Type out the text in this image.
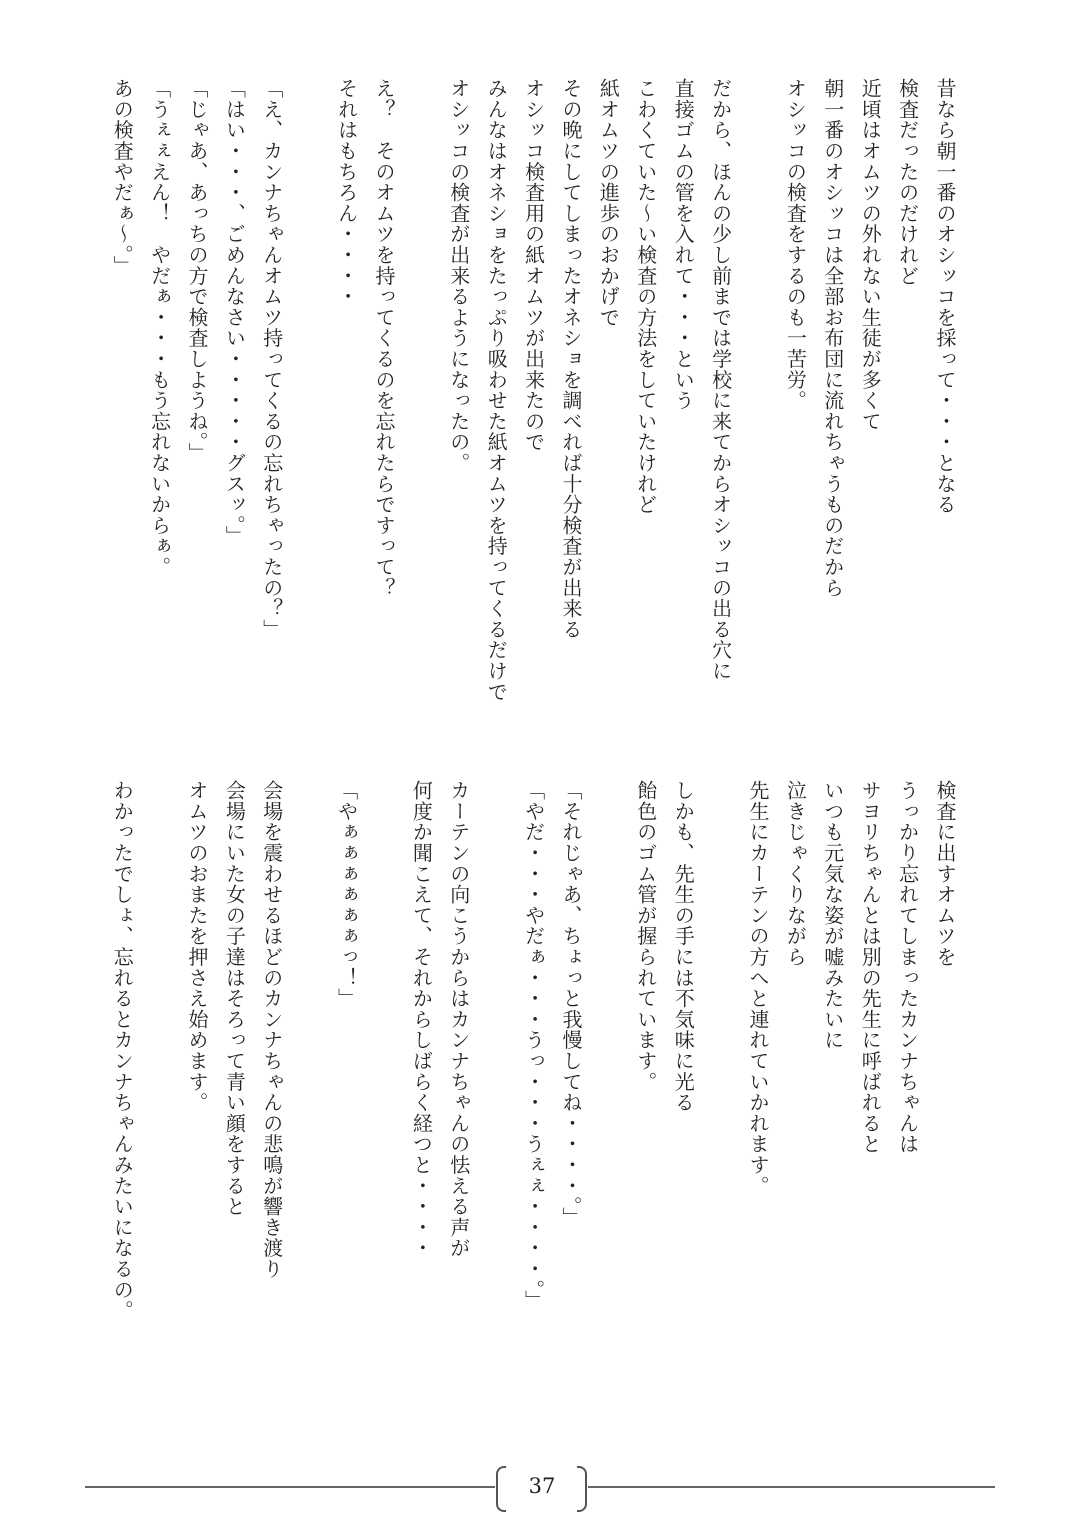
昔なら朝一番のオシッコを採って・・・となる
検査だったのだけれど
近頃はオムツの外れない生徒が多くて
朝一番のオシッコは全部お布団に流れちゃうものだから
オシッコの検査をするのも一苦労。
だから、ほんの少し前までは学校に来てからオシッコの出る穴に
直接ゴムの管を入れて・・・という
こわくていた〜い検査の方法をしていたけれど
紙オムツの進歩のおかげで
その晩にしてしまったオネショを調べれば十分検査が出来る
オシッコ検査用の紙オムツが出来たので
みんなはオネショをたっぷり吸わせた紙オムツを持ってくるだけで
オシッコの検査が出来るようになったの。
え？　そのオムツを持ってくるのを忘れたらですって？
それはもちろん・・・・
「え、カンナちゃんオムツ持ってくるの忘れちゃったの？」
「はい・・・、ごめんなさい・・・・・グスッ。」
「じゃあ、あっちの方で検査しようね。」
「うぇぇえん！　やだぁ・・・もう忘れないからぁ。
あの検査やだぁ〜。」
検査に出すオムツを
うっかり忘れてしまったカンナちゃんは
サヨリちゃんとは別の先生に呼ばれると
いつも元気な姿が嘘みたいに
泣きじゃくりながら
先生にカーテンの方へと連れていかれます。
しかも、先生の手には不気味に光る
飴色のゴム管が握られています。
「それじゃあ、ちょっと我慢してね・・・・。」
「やだ・・・やだぁ・・・うっ・・・うぇぇ・・・・。」
カーテンの向こうからはカンナちゃんの怯える声が
何度か聞こえて、それからしばらく経つと・・・・
「やぁぁぁぁぁぁっ！」
会場を震わせるほどのカンナちゃんの悲鳴が響き渡り
会場にいた女の子達はそろって青い顔をすると
オムツのおまたを押さえ始めます。
わかったでしょ、忘れるとカンナちゃんみたいになるの。
37
